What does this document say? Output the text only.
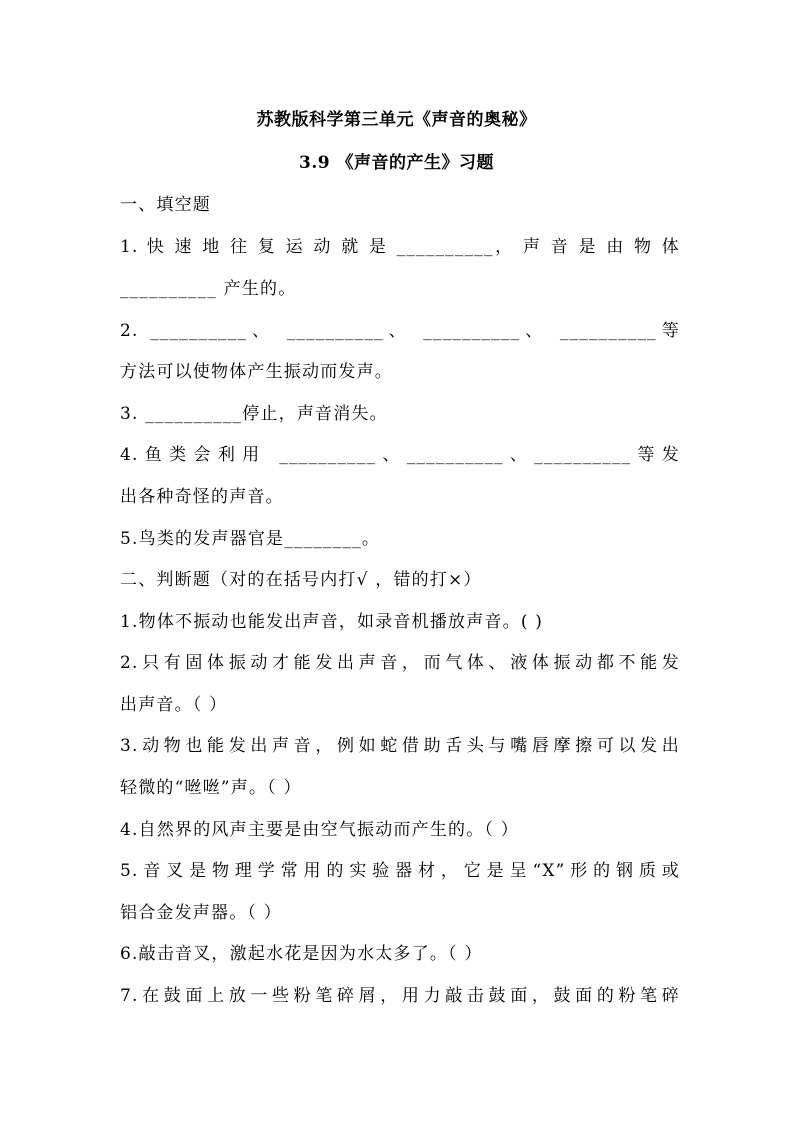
苏教版科学第三单元《声音的奥秘》
3.9 《声音的产生》习题
一、填空题
1. 快 速 地 往 复 运 动 就 是 __________， 声 音 是 由 物 体
__________ 产生的。
2. __________、 __________、 __________、 __________等
方法可以使物体产生振动而发声。
3. __________停止，声音消失。
4.鱼类会利用 __________、__________、__________等发
出各种奇怪的声音。
5.鸟类的发声器官是________。
二、判断题（对的在括号内打√ ，错的打×）
1.物体不振动也能发出声音，如录音机播放声音。( )
2.只有固体振动才能发出声音，而气体、液体振动都不能发
出声音。（ ）
3.动物也能发出声音，例如蛇借助舌头与嘴唇摩擦可以发出
轻微的“咝咝”声。（ ）
4.自然界的风声主要是由空气振动而产生的。（ ）
5.音叉是物理学常用的实验器材，它是呈“X”形的钢质或
铝合金发声器。（ ）
6.敲击音叉，激起水花是因为水太多了。（ ）
7.在鼓面上放一些粉笔碎屑，用力敲击鼓面，鼓面的粉笔碎
